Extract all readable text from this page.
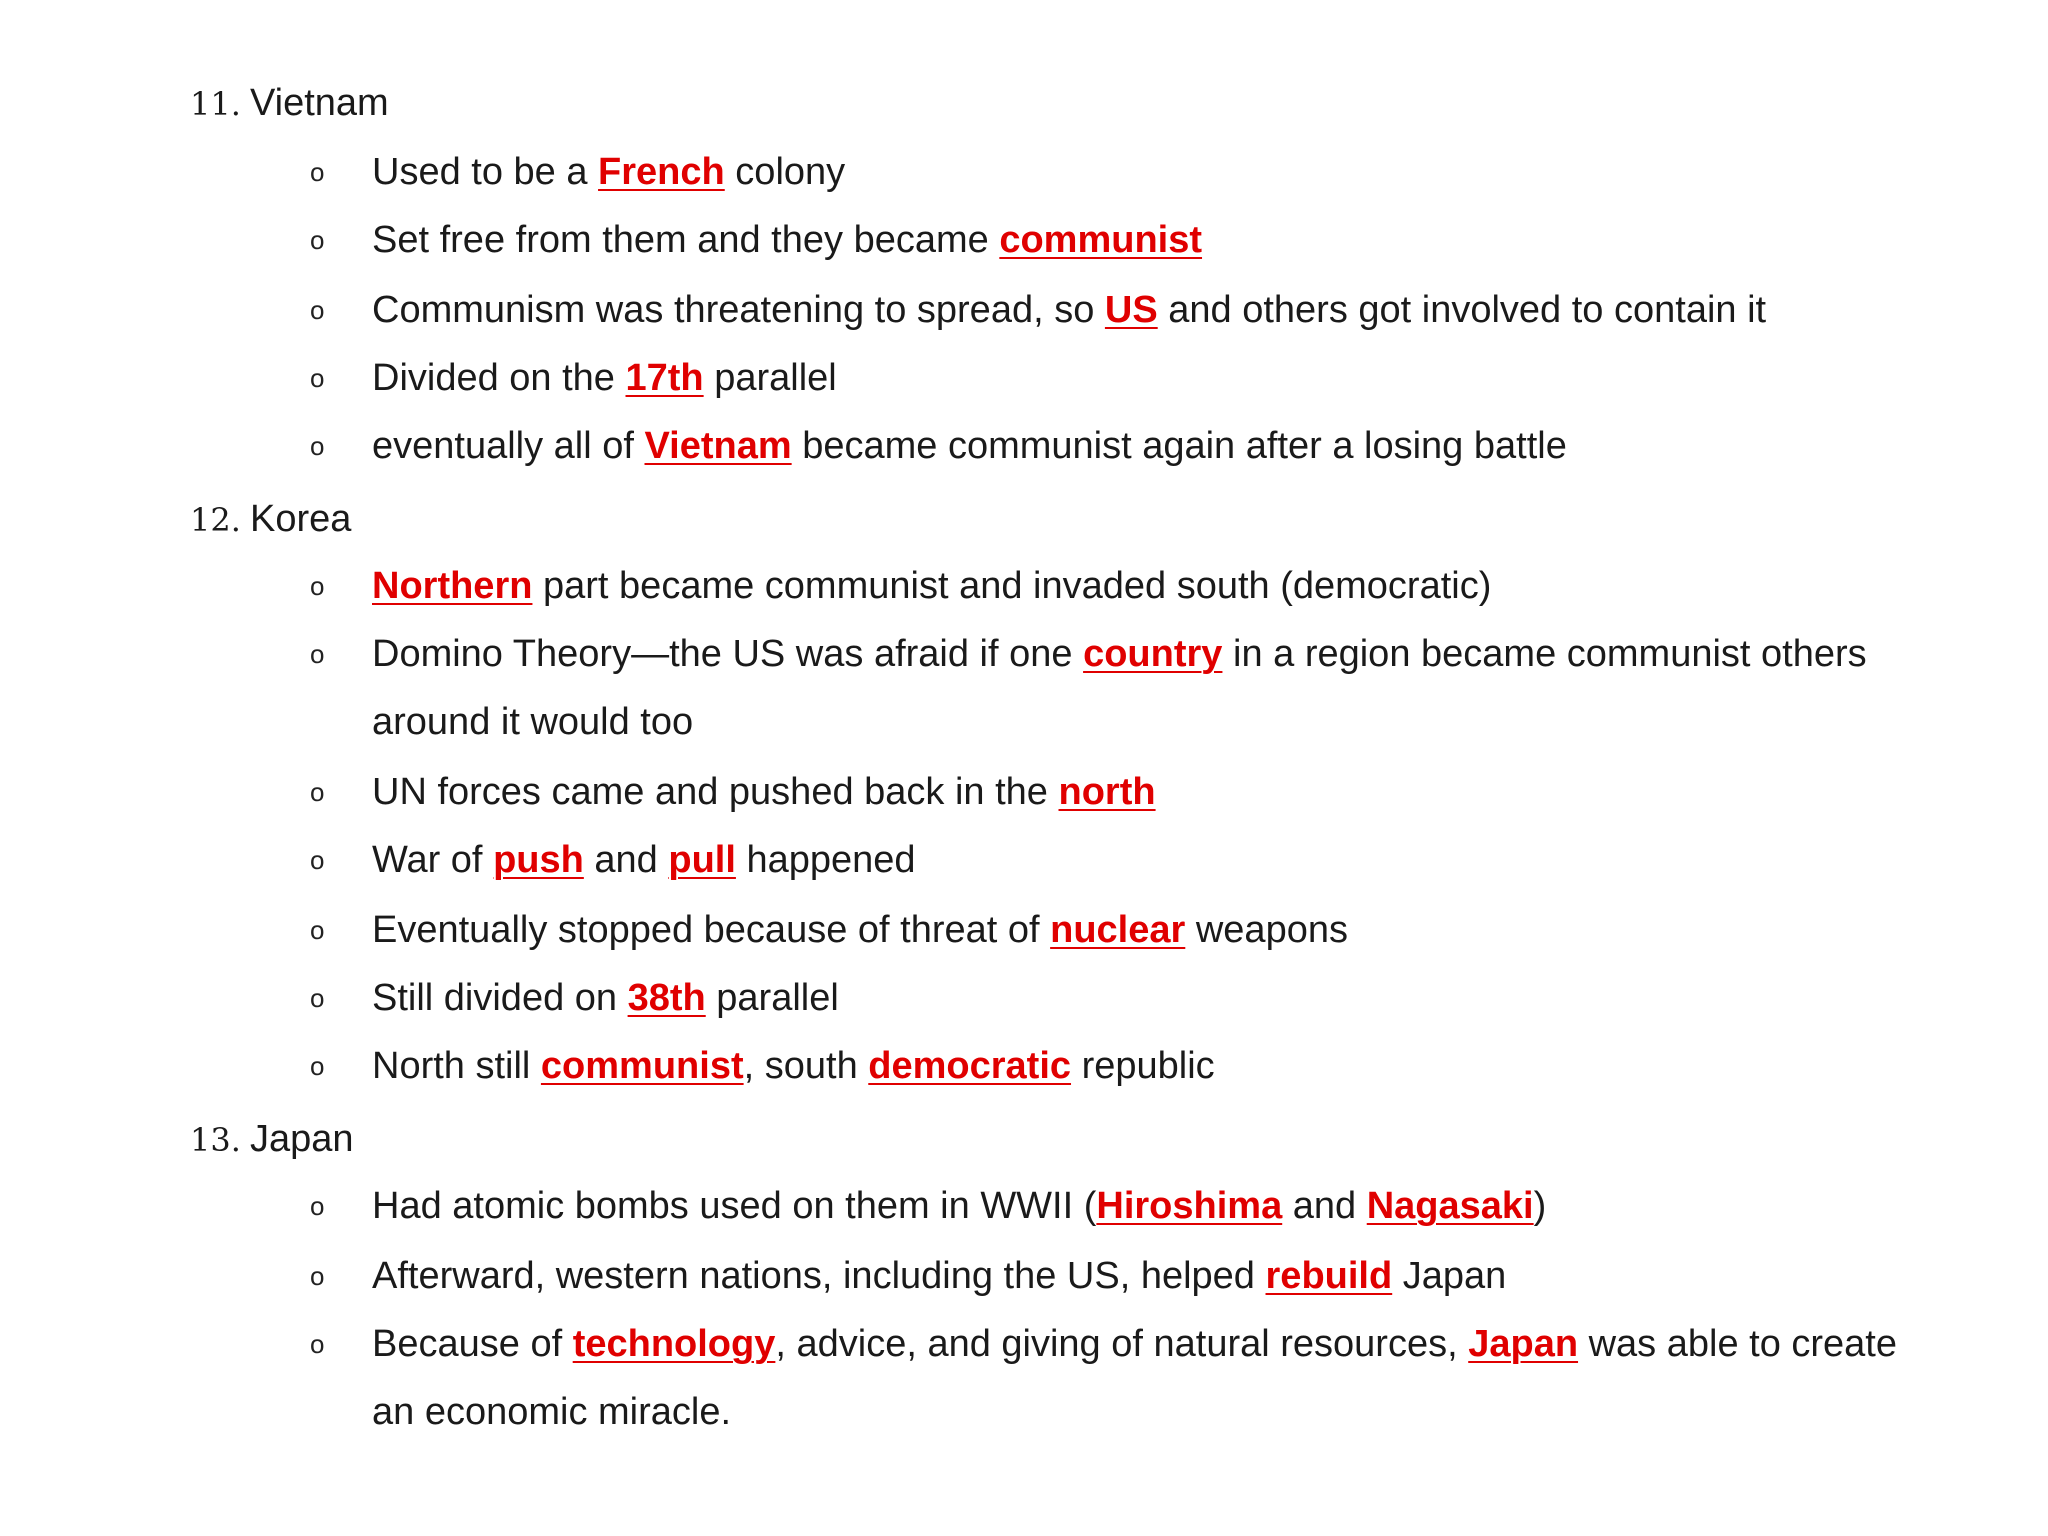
11. Vietnam
o Used to be a French colony
o Set free from them and they became communist
o Communism was threatening to spread, so US and others got involved to contain it
o Divided on the 17th parallel
o eventually all of Vietnam became communist again after a losing battle
12. Korea
o Northern part became communist and invaded south (democratic)
o Domino Theory—the US was afraid if one country in a region became communist others around it would too
o UN forces came and pushed back in the north
o War of push and pull happened
o Eventually stopped because of threat of nuclear weapons
o Still divided on 38th parallel
o North still communist, south democratic republic
13. Japan
o Had atomic bombs used on them in WWII (Hiroshima and Nagasaki)
o Afterward, western nations, including the US, helped rebuild Japan
o Because of technology, advice, and giving of natural resources, Japan was able to create an economic miracle.
